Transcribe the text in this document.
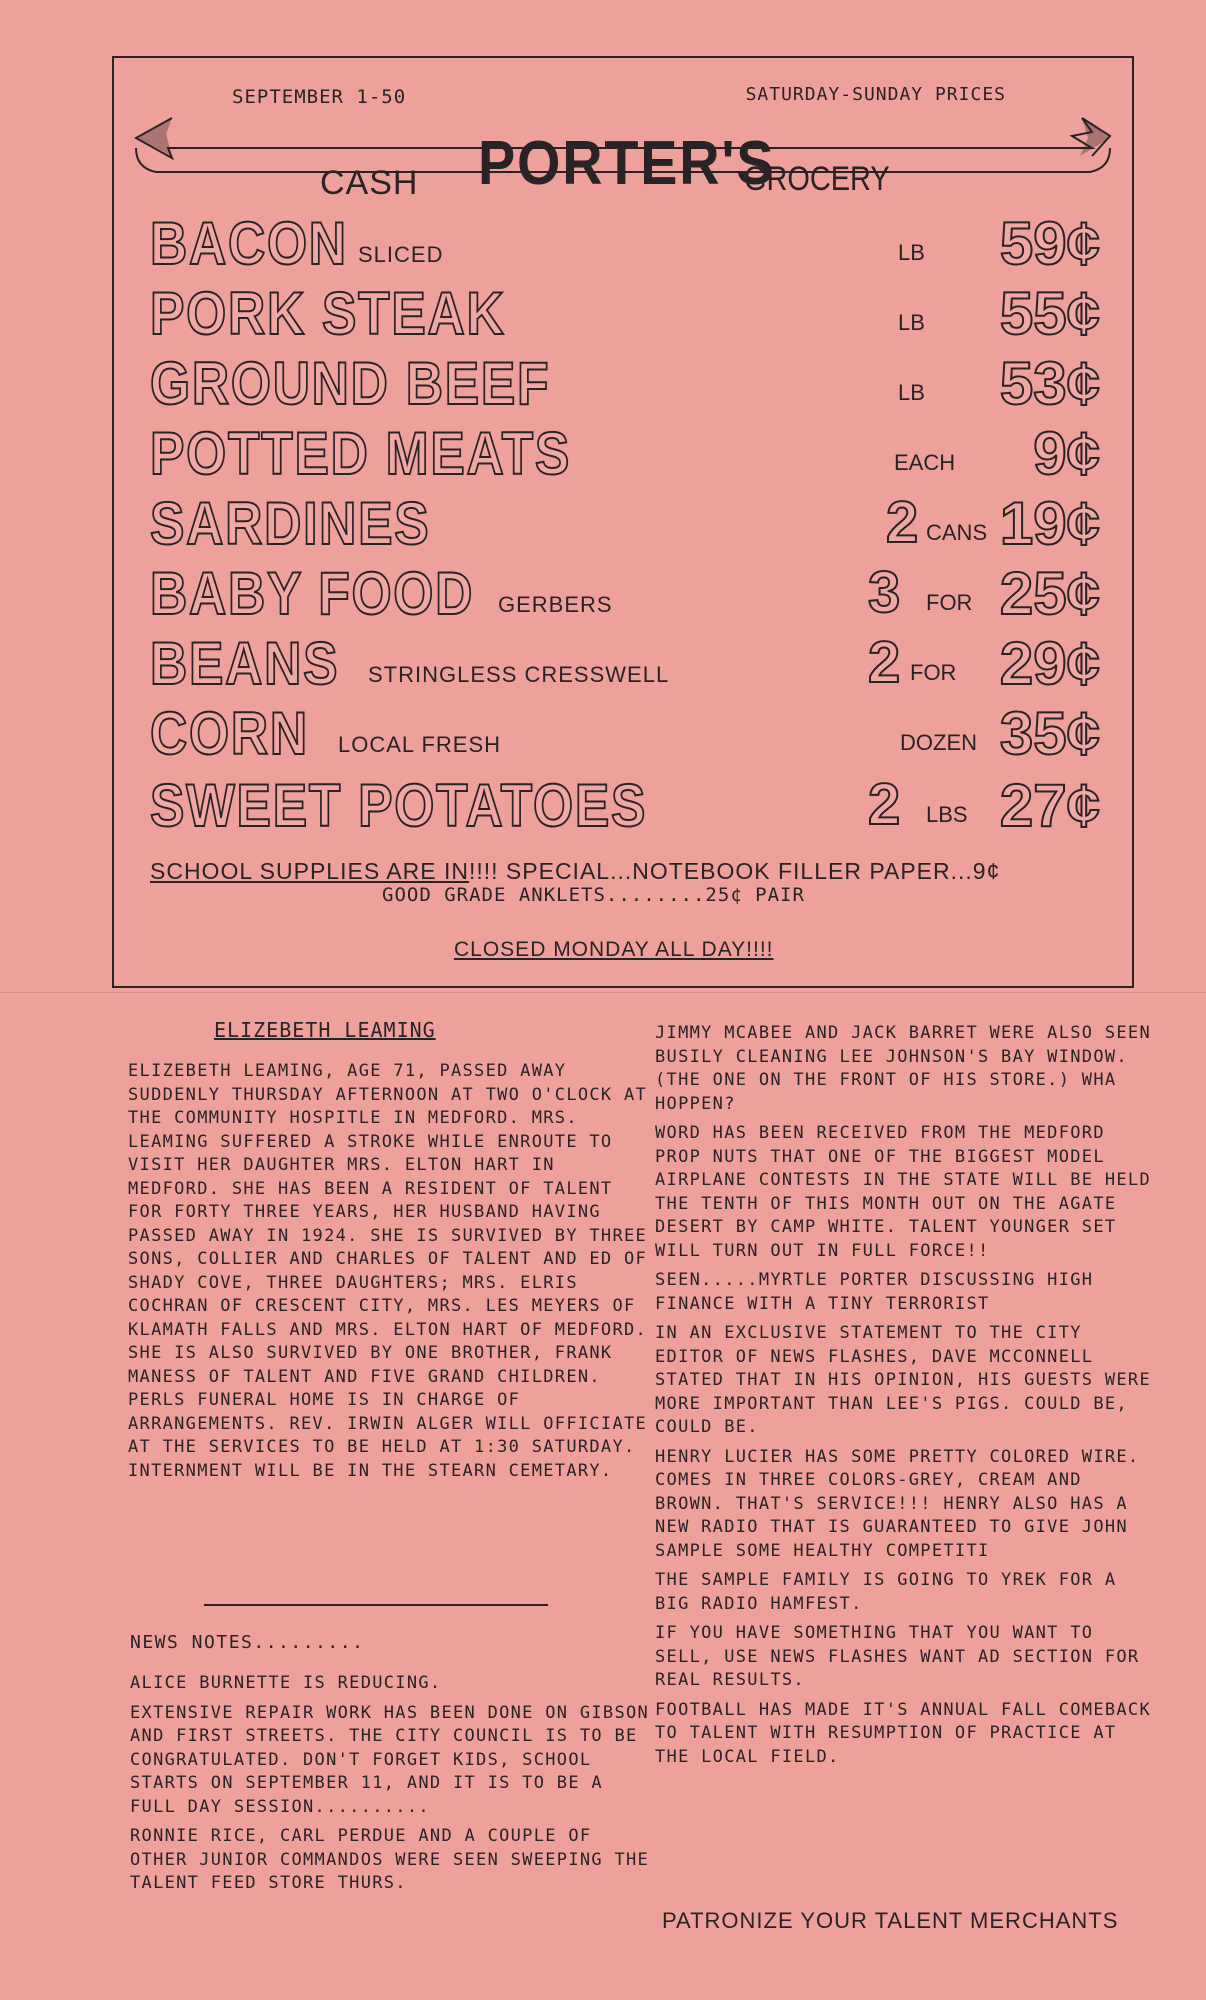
SEPTEMBER 1-50	SATURDAY-SUNDAY PRICES
CASH PORTER'S
GROCERY
BACON SLICED	LB 59¢
PORK STEAK	LB 55¢
GROUND BEEF	LB 53¢
POTTED MEATS	EACH 9¢
SARDINES	2 CANS 19¢
BABY FOOD GERBERS	3 FOR 25¢
BEANS STRINGLESS CRESSWELL	2 FOR 29¢
CORN LOCAL FRESH	DOZEN 35¢
SWEET POTATOES	2 LBS 27¢
SCHOOL SUPPLIES ARE IN!!!! SPECIAL...NOTEBOOK FILLER PAPER...9¢
GOOD GRADE ANKLETS........25¢ PAIR
CLOSED MONDAY ALL DAY!!!!
ELIZEBETH LEAMING

ELIZEBETH LEAMING, AGE 71, PASSED AWAY SUDDENLY THURSDAY AFTERNOON AT TWO O'CLOCK AT THE COMMUNITY HOSPITLE IN MEDFORD. MRS. LEAMING SUFFERED A STROKE WHILE ENROUTE TO VISIT HER DAUGHTER MRS. ELTON HART IN MEDFORD. SHE HAS BEEN A RESIDENT OF TALENT FOR FORTY THREE YEARS, HER HUSBAND HAVING PASSED AWAY IN 1924. SHE IS SURVIVED BY THREE SONS, COLLIER AND CHARLES OF TALENT AND ED OF SHADY COVE, THREE DAUGHTERS; MRS. ELRIS COCHRAN OF CRESCENT CITY, MRS. LES MEYERS OF KLAMATH FALLS AND MRS. ELTON HART OF MEDFORD. SHE IS ALSO SURVIVED BY ONE BROTHER, FRANK MANESS OF TALENT AND FIVE GRAND CHILDREN. PERLS FUNERAL HOME IS IN CHARGE OF ARRANGEMENTS. REV. IRWIN ALGER WILL OFFICIATE AT THE SERVICES TO BE HELD AT 1:30 SATURDAY. INTERNMENT WILL BE IN THE STEARN CEMETARY.

NEWS NOTES.........

ALICE BURNETTE IS REDUCING.

EXTENSIVE REPAIR WORK HAS BEEN DONE ON GIBSON AND FIRST STREETS. THE CITY COUNCIL IS TO BE CONGRATULATED. DON'T FORGET KIDS, SCHOOL STARTS ON SEPTEMBER 11, AND IT IS TO BE A FULL DAY SESSION..........

RONNIE RICE, CARL PERDUE AND A COUPLE OF OTHER JUNIOR COMMANDOS WERE SEEN SWEEPING THE TALENT FEED STORE THURS.

JIMMY MCABEE AND JACK BARRET WERE ALSO SEEN BUSILY CLEANING LEE JOHNSON'S BAY WINDOW.(THE ONE ON THE FRONT OF HIS STORE.) WHA HOPPEN?

WORD HAS BEEN RECEIVED FROM THE MEDFORD PROP NUTS THAT ONE OF THE BIGGEST MODEL AIRPLANE CONTESTS IN THE STATE WILL BE HELD THE TENTH OF THIS MONTH OUT ON THE AGATE DESERT BY CAMP WHITE. TALENT YOUNGER SET WILL TURN OUT IN FULL FORCE!!

SEEN.....MYRTLE PORTER DISCUSSING HIGH FINANCE WITH A TINY TERRORIST

IN AN EXCLUSIVE STATEMENT TO THE CITY EDITOR OF NEWS FLASHES, DAVE MCCONNELL STATED THAT IN HIS OPINION, HIS GUESTS WERE MORE IMPORTANT THAN LEE'S PIGS. COULD BE, COULD BE.

HENRY LUCIER HAS SOME PRETTY COLORED WIRE. COMES IN THREE COLORS-GREY, CREAM AND BROWN. THAT'S SERVICE!!! HENRY ALSO HAS A NEW RADIO THAT IS GUARANTEED TO GIVE JOHN SAMPLE SOME HEALTHY COMPETITI

THE SAMPLE FAMILY IS GOING TO YREK FOR A BIG RADIO HAMFEST.

IF YOU HAVE SOMETHING THAT YOU WANT TO SELL, USE NEWS FLASHES WANT AD SECTION FOR REAL RESULTS.

FOOTBALL HAS MADE IT'S ANNUAL FALL COMEBACK TO TALENT WITH RESUMPTION OF PRACTICE AT THE LOCAL FIELD.

PATRONIZE YOUR TALENT MERCHANTS
